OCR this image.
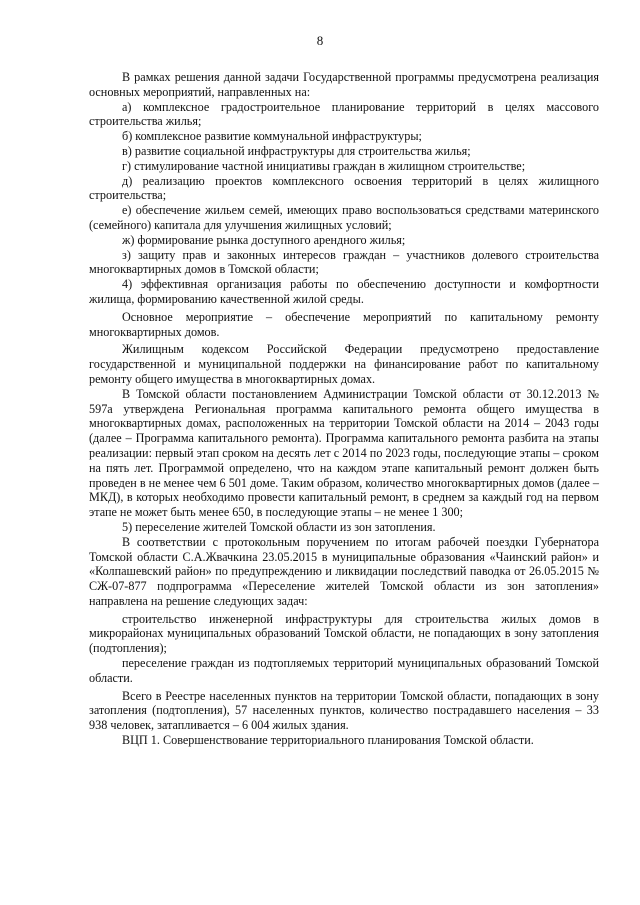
8

В рамках решения данной задачи Государственной программы предусмотрена реализация основных мероприятий, направленных на:

а) комплексное градостроительное планирование территорий в целях массового строительства жилья;

б) комплексное развитие коммунальной инфраструктуры;

в) развитие социальной инфраструктуры для строительства жилья;

г) стимулирование частной инициативы граждан в жилищном строительстве;

д) реализацию проектов комплексного освоения территорий в целях жилищного строительства;

е) обеспечение жильем семей, имеющих право воспользоваться средствами материнского (семейного) капитала для улучшения жилищных условий;

ж) формирование рынка доступного арендного жилья;

з) защиту прав и законных интересов граждан – участников долевого строительства многоквартирных домов в Томской области;

4) эффективная организация работы по обеспечению доступности и комфортности жилища, формированию качественной жилой среды.

Основное мероприятие – обеспечение мероприятий по капитальному ремонту многоквартирных домов.

Жилищным кодексом Российской Федерации предусмотрено предоставление государственной и муниципальной поддержки на финансирование работ по капитальному ремонту общего имущества в многоквартирных домах.

В Томской области постановлением Администрации Томской области от 30.12.2013 № 597а утверждена Региональная программа капитального ремонта общего имущества в многоквартирных домах, расположенных на территории Томской области на 2014 – 2043 годы (далее – Программа капитального ремонта). Программа капитального ремонта разбита на этапы реализации: первый этап сроком на десять лет с 2014 по 2023 годы, последующие этапы – сроком на пять лет. Программой определено, что на каждом этапе капитальный ремонт должен быть проведен в не менее чем 6 501 доме. Таким образом, количество многоквартирных домов (далее – МКД), в которых необходимо провести капитальный ремонт, в среднем за каждый год на первом этапе не может быть менее 650, в последующие этапы – не менее 1 300;

5) переселение жителей Томской области из зон затопления.

В соответствии с протокольным поручением по итогам рабочей поездки Губернатора Томской области С.А.Жвачкина 23.05.2015 в муниципальные образования «Чаинский район» и «Колпашевский район» по предупреждению и ликвидации последствий паводка от 26.05.2015 № СЖ-07-877 подпрограмма «Переселение жителей Томской области из зон затопления» направлена на решение следующих задач:

строительство инженерной инфраструктуры для строительства жилых домов в микрорайонах муниципальных образований Томской области, не попадающих в зону затопления (подтопления);

переселение граждан из подтопляемых территорий муниципальных образований Томской области.

Всего в Реестре населенных пунктов на территории Томской области, попадающих в зону затопления (подтопления), 57 населенных пунктов, количество пострадавшего населения – 33 938 человек, затапливается – 6 004 жилых здания.

ВЦП 1. Совершенствование территориального планирования Томской области.
